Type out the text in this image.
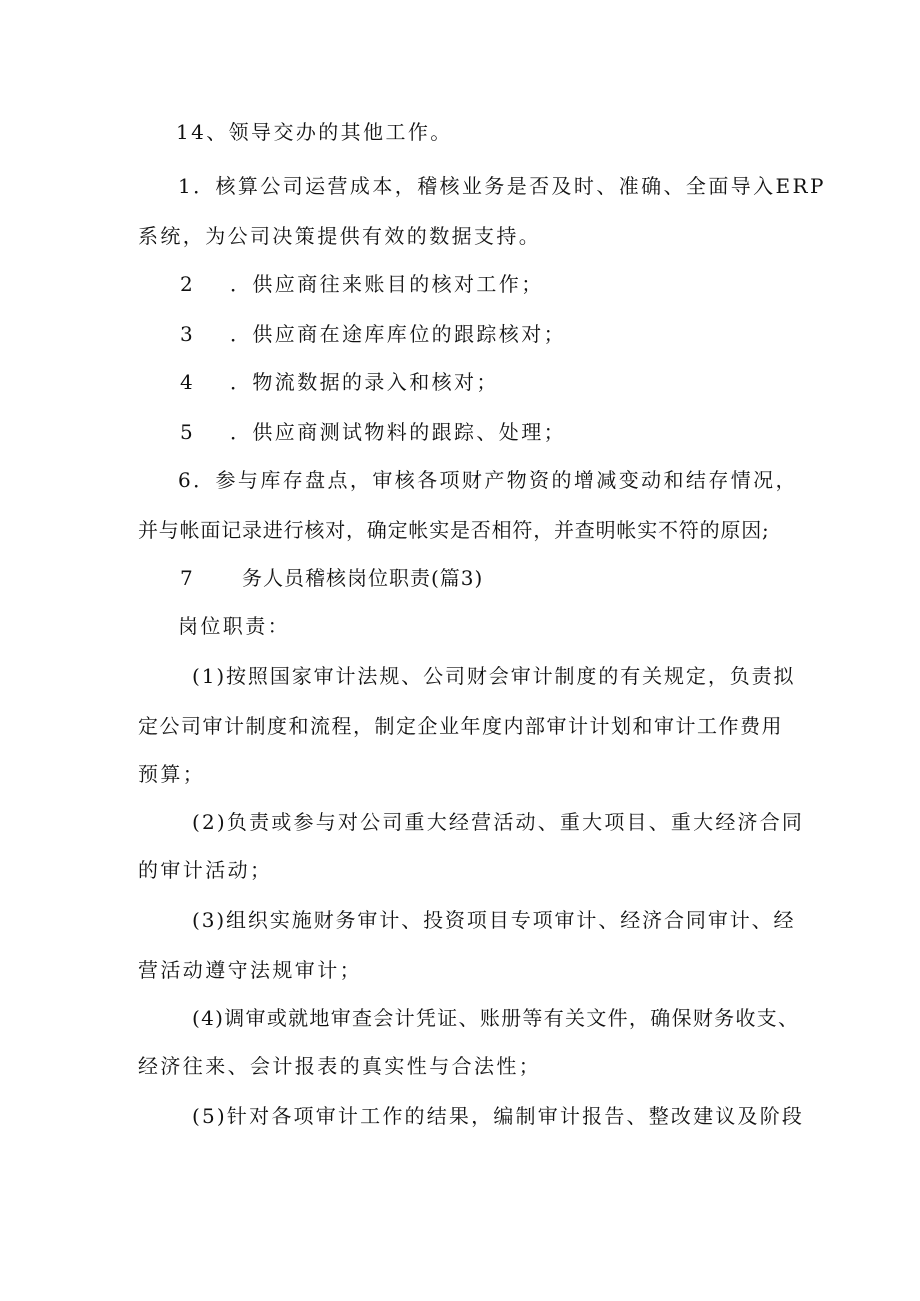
14、领导交办的其他工作。
1．核算公司运营成本，稽核业务是否及时、准确、全面导入ERP
系统，为公司决策提供有效的数据支持。
2 ．供应商往来账目的核对工作；
3 ．供应商在途库库位的跟踪核对；
4 ．物流数据的录入和核对；
5 ．供应商测试物料的跟踪、处理；
6．参与库存盘点，审核各项财产物资的增减变动和结存情况，
并与帐面记录进行核对，确定帐实是否相符，并查明帐实不符的原因;
7 务人员稽核岗位职责(篇3)
岗位职责：
(1)按照国家审计法规、公司财会审计制度的有关规定，负责拟
定公司审计制度和流程，制定企业年度内部审计计划和审计工作费用
预算；
(2)负责或参与对公司重大经营活动、重大项目、重大经济合同
的审计活动；
(3)组织实施财务审计、投资项目专项审计、经济合同审计、经
营活动遵守法规审计；
(4)调审或就地审查会计凭证、账册等有关文件，确保财务收支、
经济往来、会计报表的真实性与合法性；
(5)针对各项审计工作的结果，编制审计报告、整改建议及阶段
